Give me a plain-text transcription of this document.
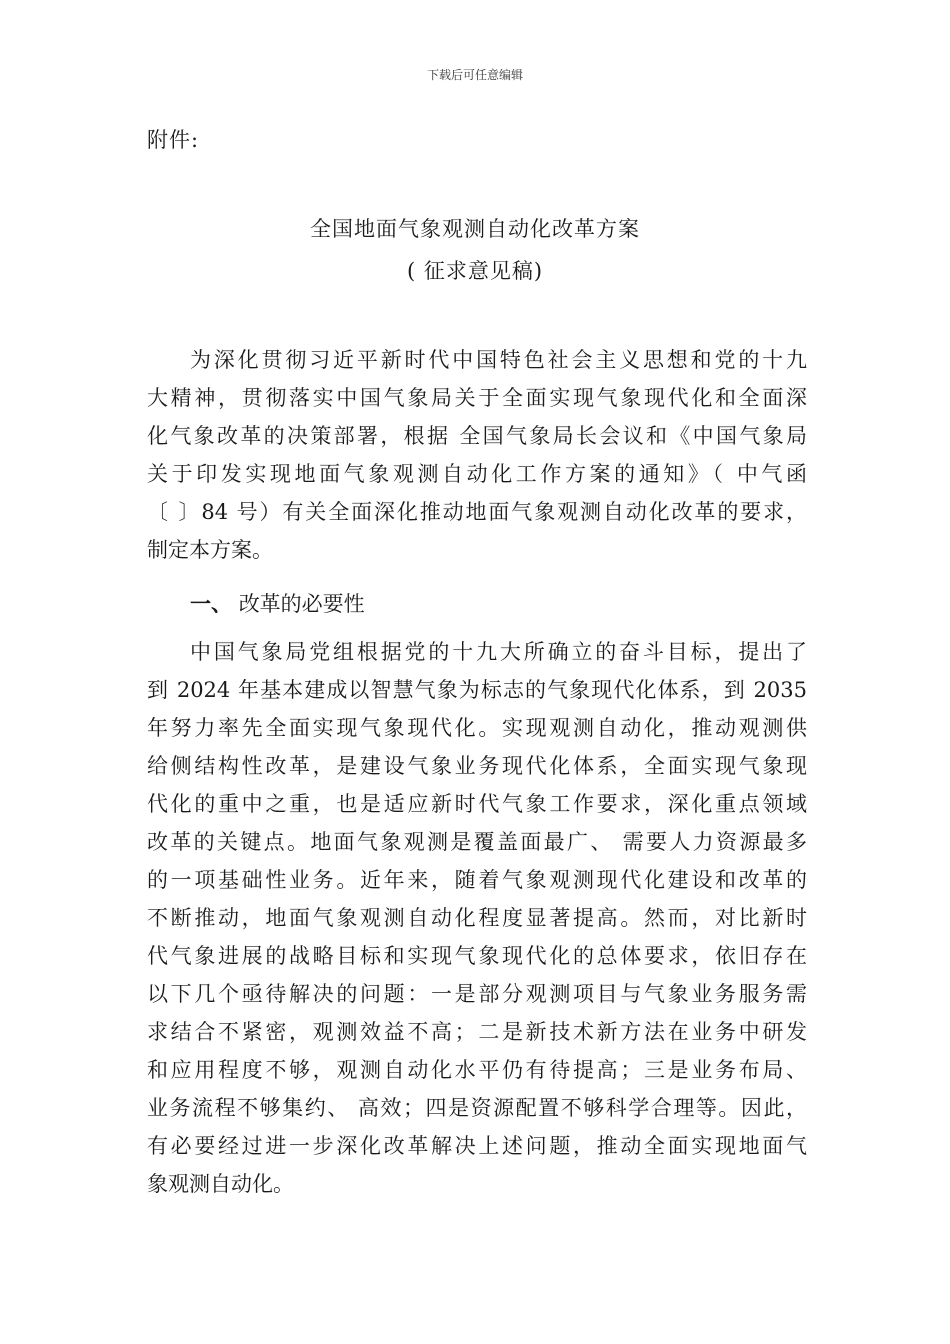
下载后可任意编辑
附件:
全国地面气象观测自动化改革方案
( 征求意见稿)
为深化贯彻习近平新时代中国特色社会主义思想和党的十九
大精神，贯彻落实中国气象局关于全面实现气象现代化和全面深
化气象改革的决策部署，根据 全国气象局长会议和《中国气象局
关于印发实现地面气象观测自动化工作方案的通知》（ 中气函
〔 〕84 号）有关全面深化推动地面气象观测自动化改革的要求，
制定本方案。
一、 改革的必要性
中国气象局党组根据党的十九大所确立的奋斗目标，提出了
到 2024 年基本建成以智慧气象为标志的气象现代化体系，到 2035
年努力率先全面实现气象现代化。实现观测自动化，推动观测供
给侧结构性改革，是建设气象业务现代化体系，全面实现气象现
代化的重中之重，也是适应新时代气象工作要求，深化重点领域
改革的关键点。地面气象观测是覆盖面最广、 需要人力资源最多
的一项基础性业务。近年来，随着气象观测现代化建设和改革的
不断推动，地面气象观测自动化程度显著提高。然而，对比新时
代气象进展的战略目标和实现气象现代化的总体要求，依旧存在
以下几个亟待解决的问题：一是部分观测项目与气象业务服务需
求结合不紧密，观测效益不高；二是新技术新方法在业务中研发
和应用程度不够，观测自动化水平仍有待提高；三是业务布局、
业务流程不够集约、 高效；四是资源配置不够科学合理等。因此，
有必要经过进一步深化改革解决上述问题，推动全面实现地面气
象观测自动化。
